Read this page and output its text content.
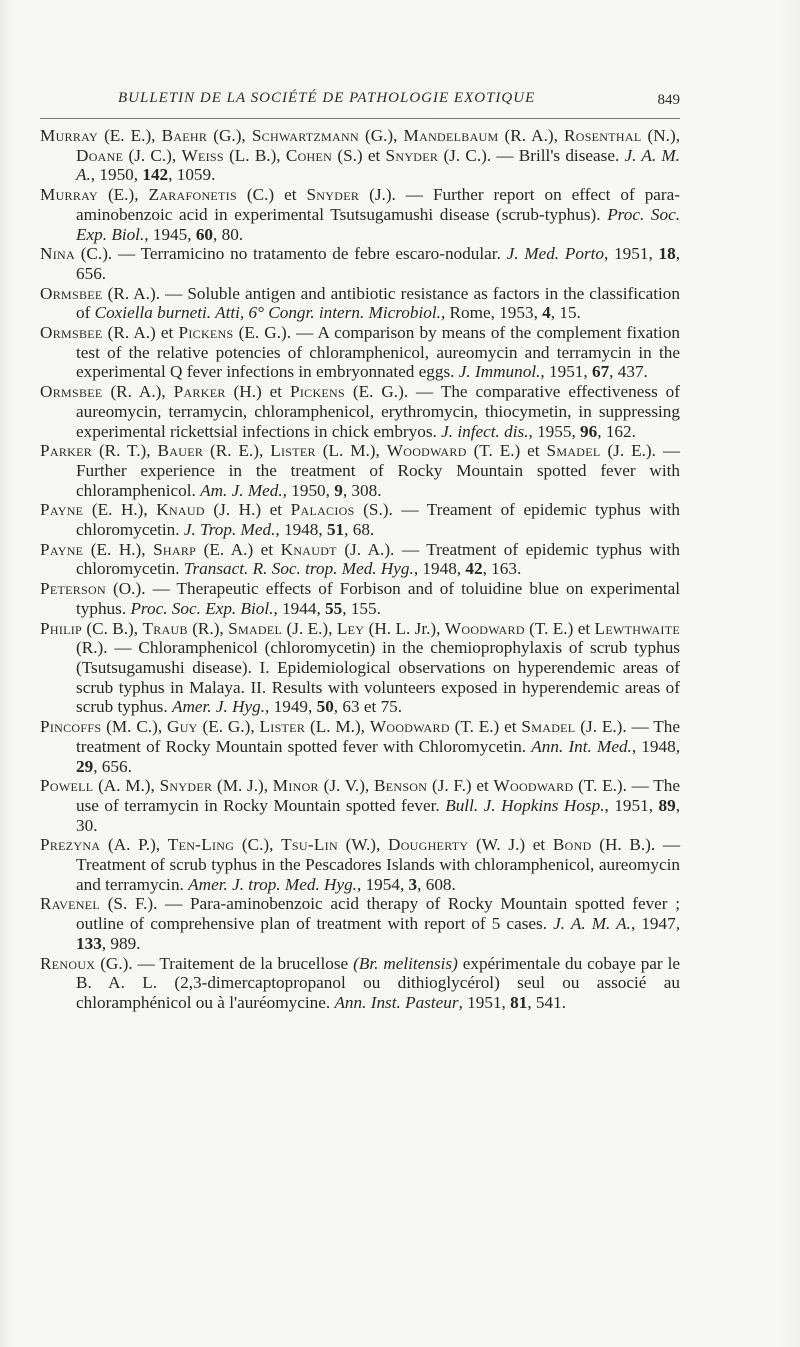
BULLETIN DE LA SOCIÉTÉ DE PATHOLOGIE EXOTIQUE	849

Murray (E. E.), Baehr (G.), Schwartzmann (G.), Mandelbaum (R. A.), Rosenthal (N.), Doane (J. C.), Weiss (L. B.), Cohen (S.) et Snyder (J. C.). — Brill's disease. J. A. M. A., 1950, 142, 1059.

Murray (E.), Zarafonetis (C.) et Snyder (J.). — Further report on effect of para-aminobenzoic acid in experimental Tsutsugamushi disease (scrub-typhus). Proc. Soc. Exp. Biol., 1945, 60, 80.

Nina (C.). — Terramicino no tratamento de febre escaro-nodular. J. Med. Porto, 1951, 18, 656.

Ormsbee (R. A.). — Soluble antigen and antibiotic resistance as factors in the classification of Coxiella burneti. Atti, 6° Congr. intern. Microbiol., Rome, 1953, 4, 15.

Ormsbee (R. A.) et Pickens (E. G.). — A comparison by means of the complement fixation test of the relative potencies of chloramphenicol, aureomycin and terramycin in the experimental Q fever infections in embryonnated eggs. J. Immunol., 1951, 67, 437.

Ormsbee (R. A.), Parker (H.) et Pickens (E. G.). — The comparative effectiveness of aureomycin, terramycin, chloramphenicol, erythromycin, thiocymetin, in suppressing experimental rickettsial infections in chick embryos. J. infect. dis., 1955, 96, 162.

Parker (R. T.), Bauer (R. E.), Lister (L. M.), Woodward (T. E.) et Smadel (J. E.). — Further experience in the treatment of Rocky Mountain spotted fever with chloramphenicol. Am. J. Med., 1950, 9, 308.

Payne (E. H.), Knaud (J. H.) et Palacios (S.). — Treament of epidemic typhus with chloromycetin. J. Trop. Med., 1948, 51, 68.

Payne (E. H.), Sharp (E. A.) et Knaudt (J. A.). — Treatment of epidemic typhus with chloromycetin. Transact. R. Soc. trop. Med. Hyg., 1948, 42, 163.

Peterson (O.). — Therapeutic effects of Forbison and of toluidine blue on experimental typhus. Proc. Soc. Exp. Biol., 1944, 55, 155.

Philip (C. B.), Traub (R.), Smadel (J. E.), Ley (H. L. Jr.), Woodward (T. E.) et Lewthwaite (R.). — Chloramphenicol (chloromycetin) in the chemioprophylaxis of scrub typhus (Tsutsugamushi disease). I. Epidemiological observations on hyperendemic areas of scrub typhus in Malaya. II. Results with volunteers exposed in hyperendemic areas of scrub typhus. Amer. J. Hyg., 1949, 50, 63 et 75.

Pincoffs (M. C.), Guy (E. G.), Lister (L. M.), Woodward (T. E.) et Smadel (J. E.). — The treatment of Rocky Mountain spotted fever with Chloromycetin. Ann. Int. Med., 1948, 29, 656.

Powell (A. M.), Snyder (M. J.), Minor (J. V.), Benson (J. F.) et Woodward (T. E.). — The use of terramycin in Rocky Mountain spotted fever. Bull. J. Hopkins Hosp., 1951, 89, 30.

Prezyna (A. P.), Ten-Ling (C.), Tsu-Lin (W.), Dougherty (W. J.) et Bond (H. B.). — Treatment of scrub typhus in the Pescadores Islands with chloramphenicol, aureomycin and terramycin. Amer. J. trop. Med. Hyg., 1954, 3, 608.

Ravenel (S. F.). — Para-aminobenzoic acid therapy of Rocky Mountain spotted fever ; outline of comprehensive plan of treatment with report of 5 cases. J. A. M. A., 1947, 133, 989.

Renoux (G.). — Traitement de la brucellose (Br. melitensis) expérimentale du cobaye par le B. A. L. (2,3-dimercaptopropanol ou dithioglycérol) seul ou associé au chloramphénicol ou à l'auréomycine. Ann. Inst. Pasteur, 1951, 81, 541.
